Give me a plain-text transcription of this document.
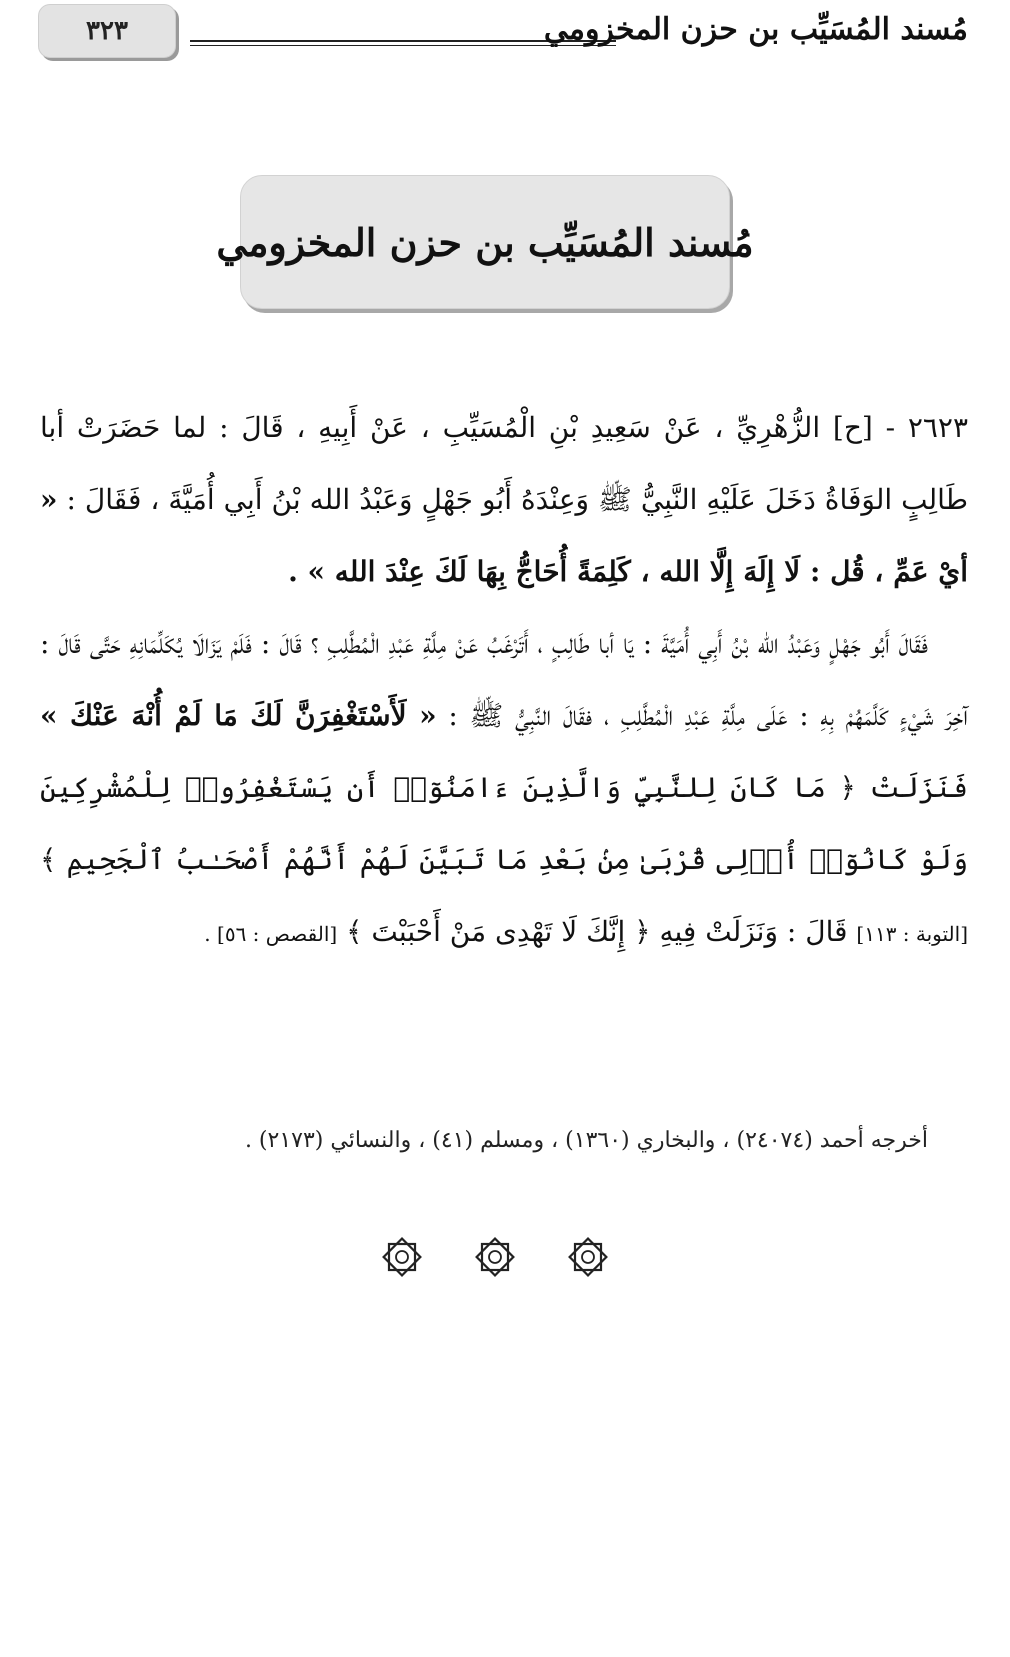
٣٢٣	مُسند المُسَيِّب بن حزن المخزومي
مُسند المُسَيِّب بن حزن المخزومي

٢٦٢٣ - [ح] الزُّهْرِيِّ ، عَنْ سَعِيدِ بْنِ الْمُسَيِّبِ ، عَنْ أَبِيهِ ، قَالَ : لما حَضَرَتْ أبا طَالِبٍ الوَفَاةُ دَخَلَ عَلَيْهِ النَّبِيُّ ﷺ وَعِنْدَهُ أَبُو جَهْلٍ وَعَبْدُ الله بْنُ أَبِي أُمَيَّةَ ، فَقَالَ : « أيْ عَمِّ ، قُل : لَا إِلَهَ إِلَّا الله ، كَلِمَةً أُحَاجُّ بِهَا لَكَ عِنْدَ الله » .

فَقَالَ أَبُو جَهْلٍ وَعَبْدُ الله بْنُ أَبِي أُمَيَّةَ : يَا أبا طَالِبٍ ، أَتَرْغَبُ عَنْ مِلَّةِ عَبْدِ الْمُطَّلِبِ ؟ قَالَ : فَلَمْ يَزَالَا يُكَلِّمَانِهِ حَتَّى قَالَ : آخِرَ شَيْءٍ كَلَّمَهُمْ بِهِ : عَلَى مِلَّةِ عَبْدِ الْمُطَّلِبِ ، فقَالَ النَّبِيُّ ﷺ : « لَأَسْتَغْفِرَنَّ لَكَ مَا لَمْ أُنْهَ عَنْكَ » فَنَزَلَتْ ﴿ مَا كَانَ لِلنَّبِيِّ وَالَّذِينَ ءَامَنُوٓا۟ أَن يَسْتَغْفِرُوا۟ لِلْمُشْرِكِينَ وَلَوْ كَانُوٓا۟ أُو۟لِى قُرْبَىٰ مِنۢ بَعْدِ مَا تَبَيَّنَ لَهُمْ أَنَّهُمْ أَصْحَـٰبُ ٱلْجَحِيمِ ﴾ [التوبة : ١١٣] قَالَ : وَنَزَلَتْ فِيهِ ﴿ إِنَّكَ لَا تَهْدِى مَنْ أَحْبَبْتَ ﴾ [القصص : ٥٦] .

أخرجه أحمد (٢٤٠٧٤) ، والبخاري (١٣٦٠) ، ومسلم (٤١) ، والنسائي (٢١٧٣) .
